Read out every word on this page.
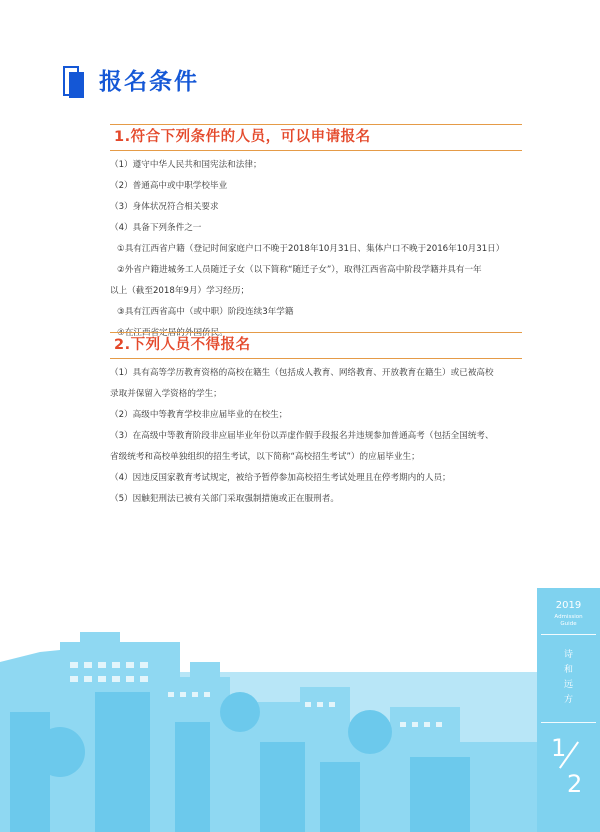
报名条件
1.符合下列条件的人员，可以申请报名

（1）遵守中华人民共和国宪法和法律；

（2）普通高中或中职学校毕业

（3）身体状况符合相关要求

（4）具备下列条件之一

①具有江西省户籍（登记时间家庭户口不晚于2018年10月31日、集体户口不晚于2016年10月31日）

②外省户籍进城务工人员随迁子女（以下简称“随迁子女”），取得江西省高中阶段学籍并具有一年

以上（截至2018年9月）学习经历；

③具有江西省高中（或中职）阶段连续3年学籍

④在江西省定居的外国侨民。

2.下列人员不得报名

（1）具有高等学历教育资格的高校在籍生（包括成人教育、网络教育、开放教育在籍生）或已被高校

录取并保留入学资格的学生；

（2）高级中等教育学校非应届毕业的在校生；

（3）在高级中等教育阶段非应届毕业年份以弄虚作假手段报名并违规参加普通高考（包括全国统考、

省级统考和高校单独组织的招生考试，以下简称“高校招生考试”）的应届毕业生；

（4）因违反国家教育考试规定，被给予暂停参加高校招生考试处理且在停考期内的人员；

（5）因触犯刑法已被有关部门采取强制措施或正在服刑者。

2019
Admission
Guide
诗
和
远
方
1
2
